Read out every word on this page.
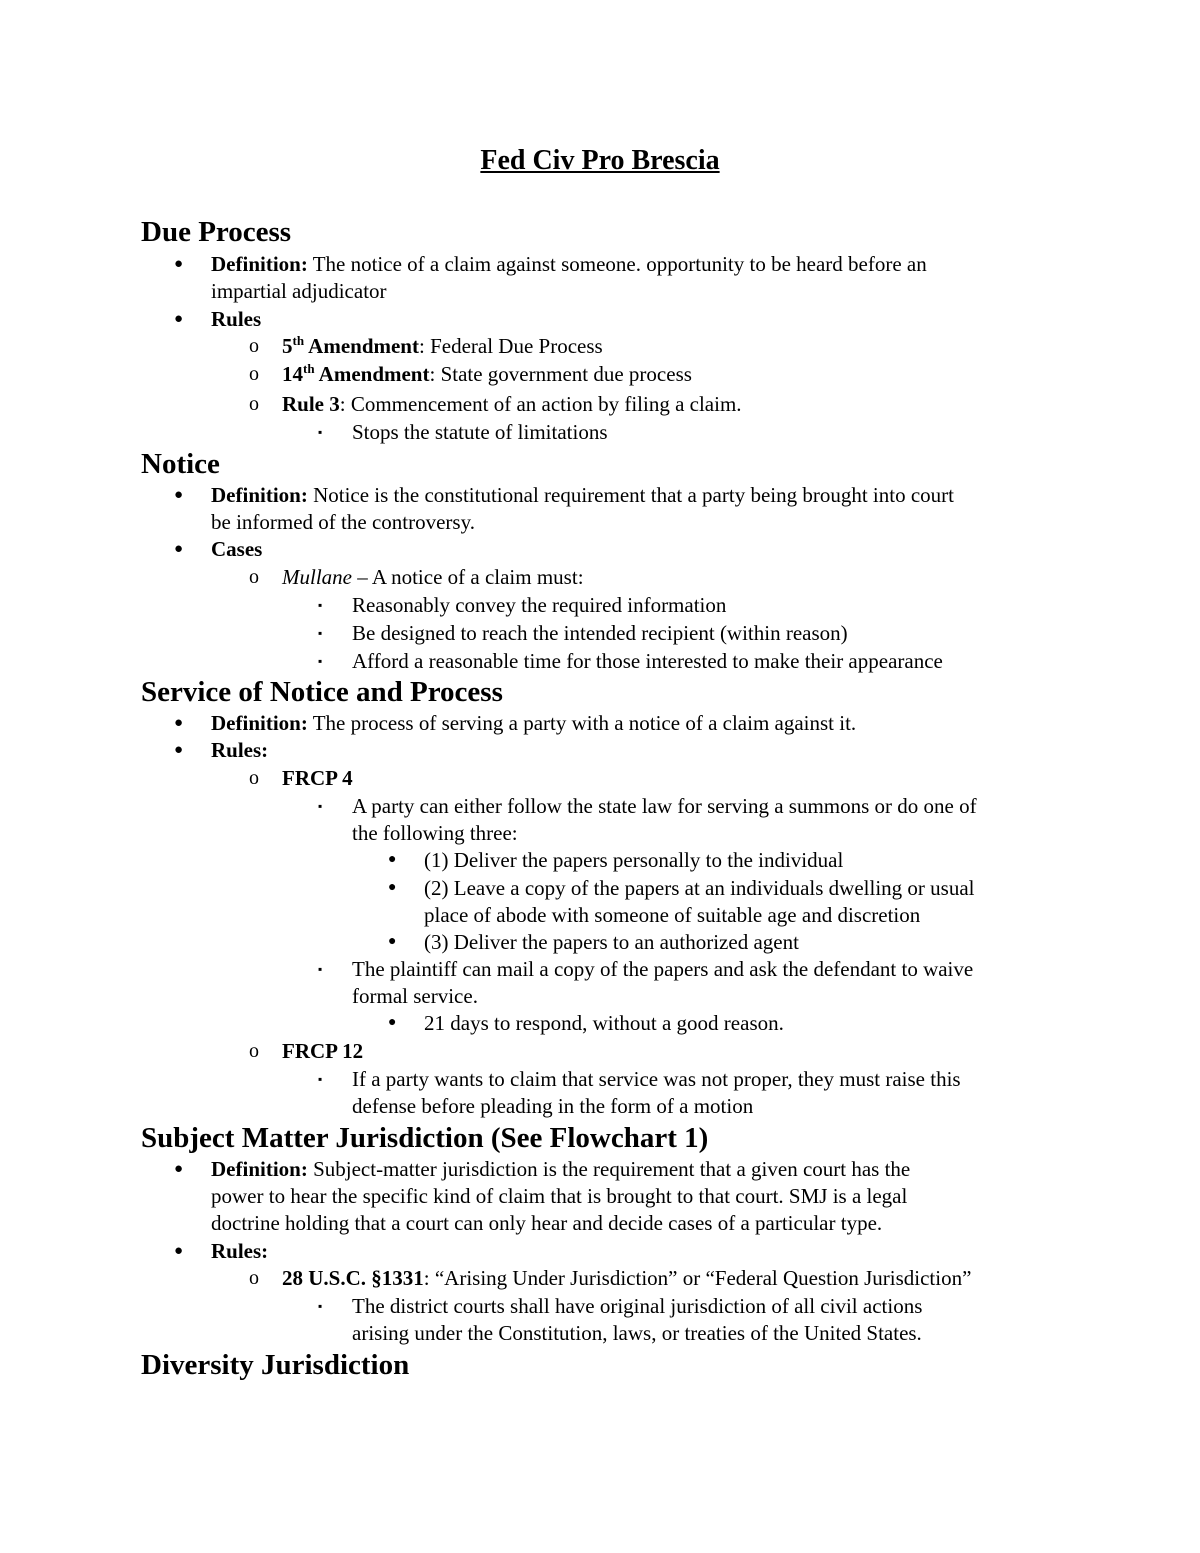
Fed Civ Pro Brescia
Due Process
● Definition: The notice of a claim against someone. opportunity to be heard before an
impartial adjudicator
● Rules
o 5th Amendment: Federal Due Process
o 14th Amendment: State government due process
o Rule 3: Commencement of an action by filing a claim.
▪ Stops the statute of limitations
Notice
● Definition: Notice is the constitutional requirement that a party being brought into court
be informed of the controversy.
● Cases
o Mullane – A notice of a claim must:
▪ Reasonably convey the required information
▪ Be designed to reach the intended recipient (within reason)
▪ Afford a reasonable time for those interested to make their appearance
Service of Notice and Process
● Definition: The process of serving a party with a notice of a claim against it.
● Rules:
o FRCP 4
▪ A party can either follow the state law for serving a summons or do one of
the following three:
● (1) Deliver the papers personally to the individual
● (2) Leave a copy of the papers at an individuals dwelling or usual
place of abode with someone of suitable age and discretion
● (3) Deliver the papers to an authorized agent
▪ The plaintiff can mail a copy of the papers and ask the defendant to waive
formal service.
● 21 days to respond, without a good reason.
o FRCP 12
▪ If a party wants to claim that service was not proper, they must raise this
defense before pleading in the form of a motion
Subject Matter Jurisdiction (See Flowchart 1)
● Definition: Subject-matter jurisdiction is the requirement that a given court has the
power to hear the specific kind of claim that is brought to that court. SMJ is a legal
doctrine holding that a court can only hear and decide cases of a particular type.
● Rules:
o 28 U.S.C. §1331: “Arising Under Jurisdiction” or “Federal Question Jurisdiction”
▪ The district courts shall have original jurisdiction of all civil actions
arising under the Constitution, laws, or treaties of the United States.
Diversity Jurisdiction
